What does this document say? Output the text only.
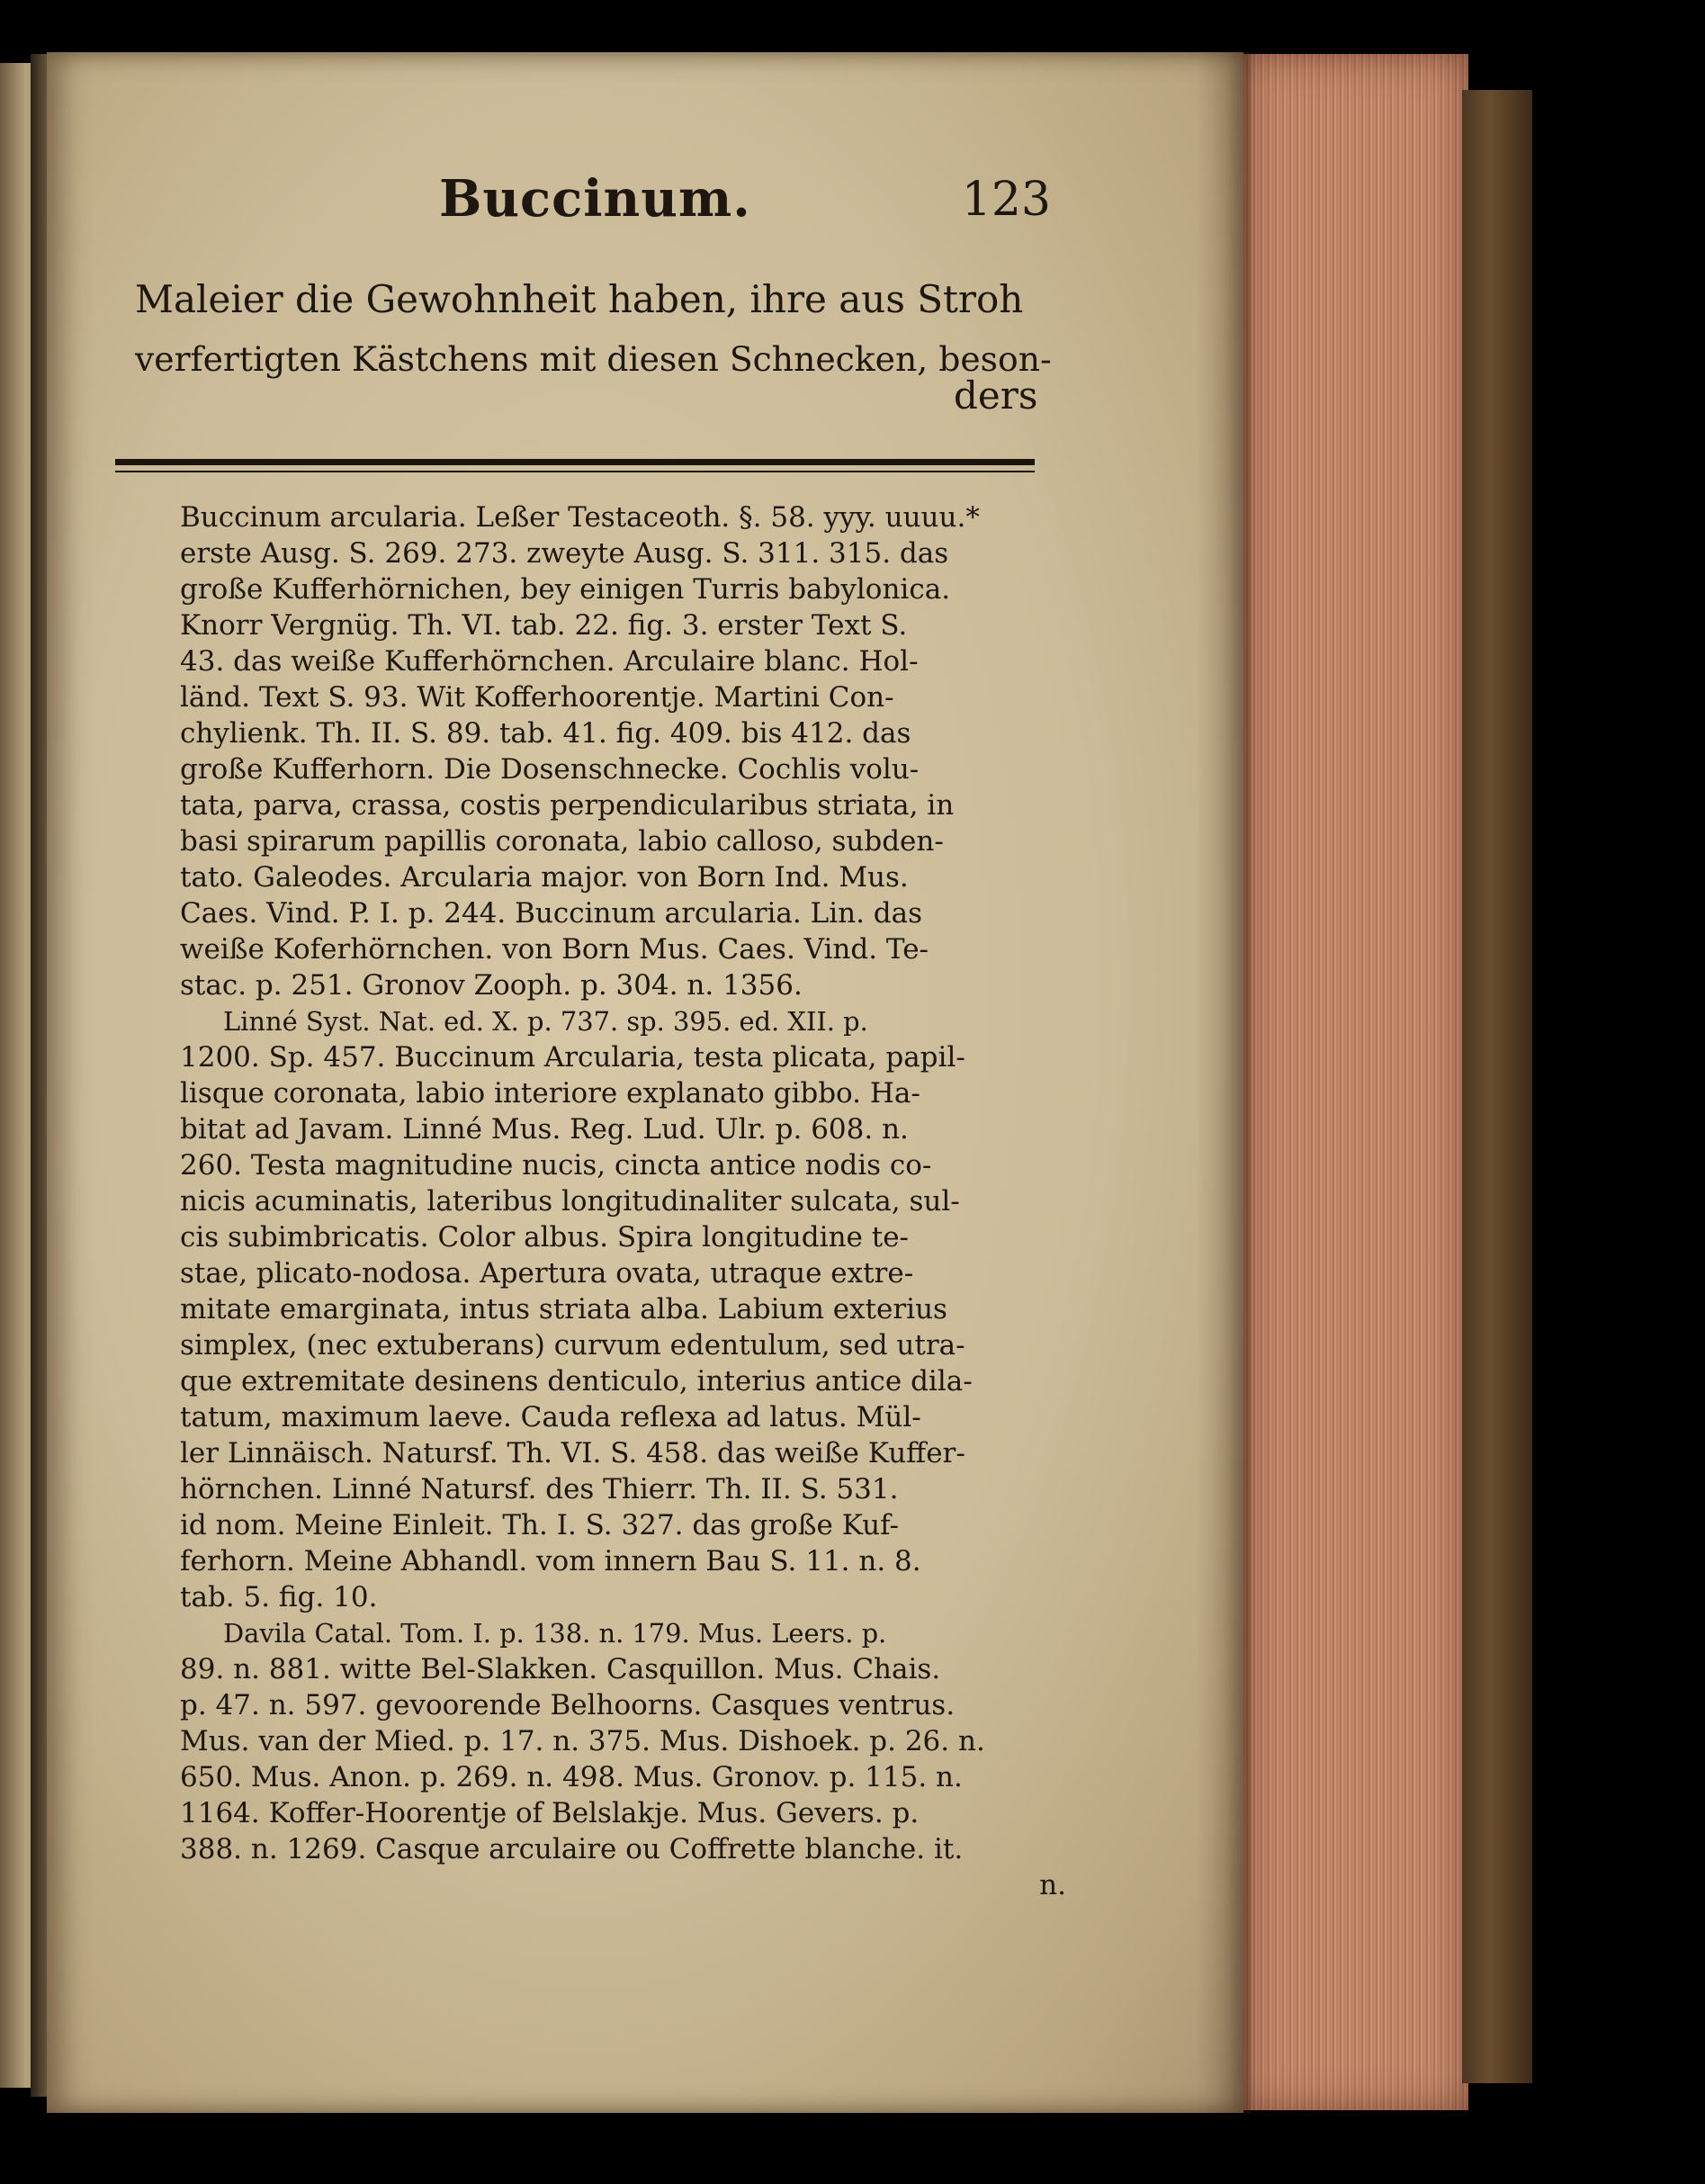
Buccinum.	123
Maleier die Gewohnheit haben, ihre aus Stroh
verfertigten Kästchens mit diesen Schnecken, beson-
ders
Buccinum arcularia. Leßer Testaceoth. §. 58. yyy. uuuu.*
erste Ausg. S. 269. 273. zweyte Ausg. S. 311. 315. das
große Kufferhörnichen, bey einigen Turris babylonica.
Knorr Vergnüg. Th. VI. tab. 22. fig. 3. erster Text S.
43. das weiße Kufferhörnchen. Arculaire blanc. Hol-
länd. Text S. 93. Wit Kofferhoorentje. Martini Con-
chylienk. Th. II. S. 89. tab. 41. fig. 409. bis 412. das
große Kufferhorn. Die Dosenschnecke. Cochlis volu-
tata, parva, crassa, costis perpendicularibus striata, in
basi spirarum papillis coronata, labio calloso, subden-
tato. Galeodes. Arcularia major. von Born Ind. Mus.
Caes. Vind. P. I. p. 244. Buccinum arcularia. Lin. das
weiße Koferhörnchen. von Born Mus. Caes. Vind. Te-
stac. p. 251. Gronov Zooph. p. 304. n. 1356.
Linné Syst. Nat. ed. X. p. 737. sp. 395. ed. XII. p.
1200. Sp. 457. Buccinum Arcularia, testa plicata, papil-
lisque coronata, labio interiore explanato gibbo. Ha-
bitat ad Javam. Linné Mus. Reg. Lud. Ulr. p. 608. n.
260. Testa magnitudine nucis, cincta antice nodis co-
nicis acuminatis, lateribus longitudinaliter sulcata, sul-
cis subimbricatis. Color albus. Spira longitudine te-
stae, plicato-nodosa. Apertura ovata, utraque extre-
mitate emarginata, intus striata alba. Labium exterius
simplex, (nec extuberans) curvum edentulum, sed utra-
que extremitate desinens denticulo, interius antice dila-
tatum, maximum laeve. Cauda reflexa ad latus. Mül-
ler Linnäisch. Natursf. Th. VI. S. 458. das weiße Kuffer-
hörnchen. Linné Natursf. des Thierr. Th. II. S. 531.
id nom. Meine Einleit. Th. I. S. 327. das große Kuf-
ferhorn. Meine Abhandl. vom innern Bau S. 11. n. 8.
tab. 5. fig. 10.
Davila Catal. Tom. I. p. 138. n. 179. Mus. Leers. p.
89. n. 881. witte Bel-Slakken. Casquillon. Mus. Chais.
p. 47. n. 597. gevoorende Belhoorns. Casques ventrus.
Mus. van der Mied. p. 17. n. 375. Mus. Dishoek. p. 26. n.
650. Mus. Anon. p. 269. n. 498. Mus. Gronov. p. 115. n.
1164. Koffer-Hoorentje of Belslakje. Mus. Gevers. p.
388. n. 1269. Casque arculaire ou Coffrette blanche. it.
n.
